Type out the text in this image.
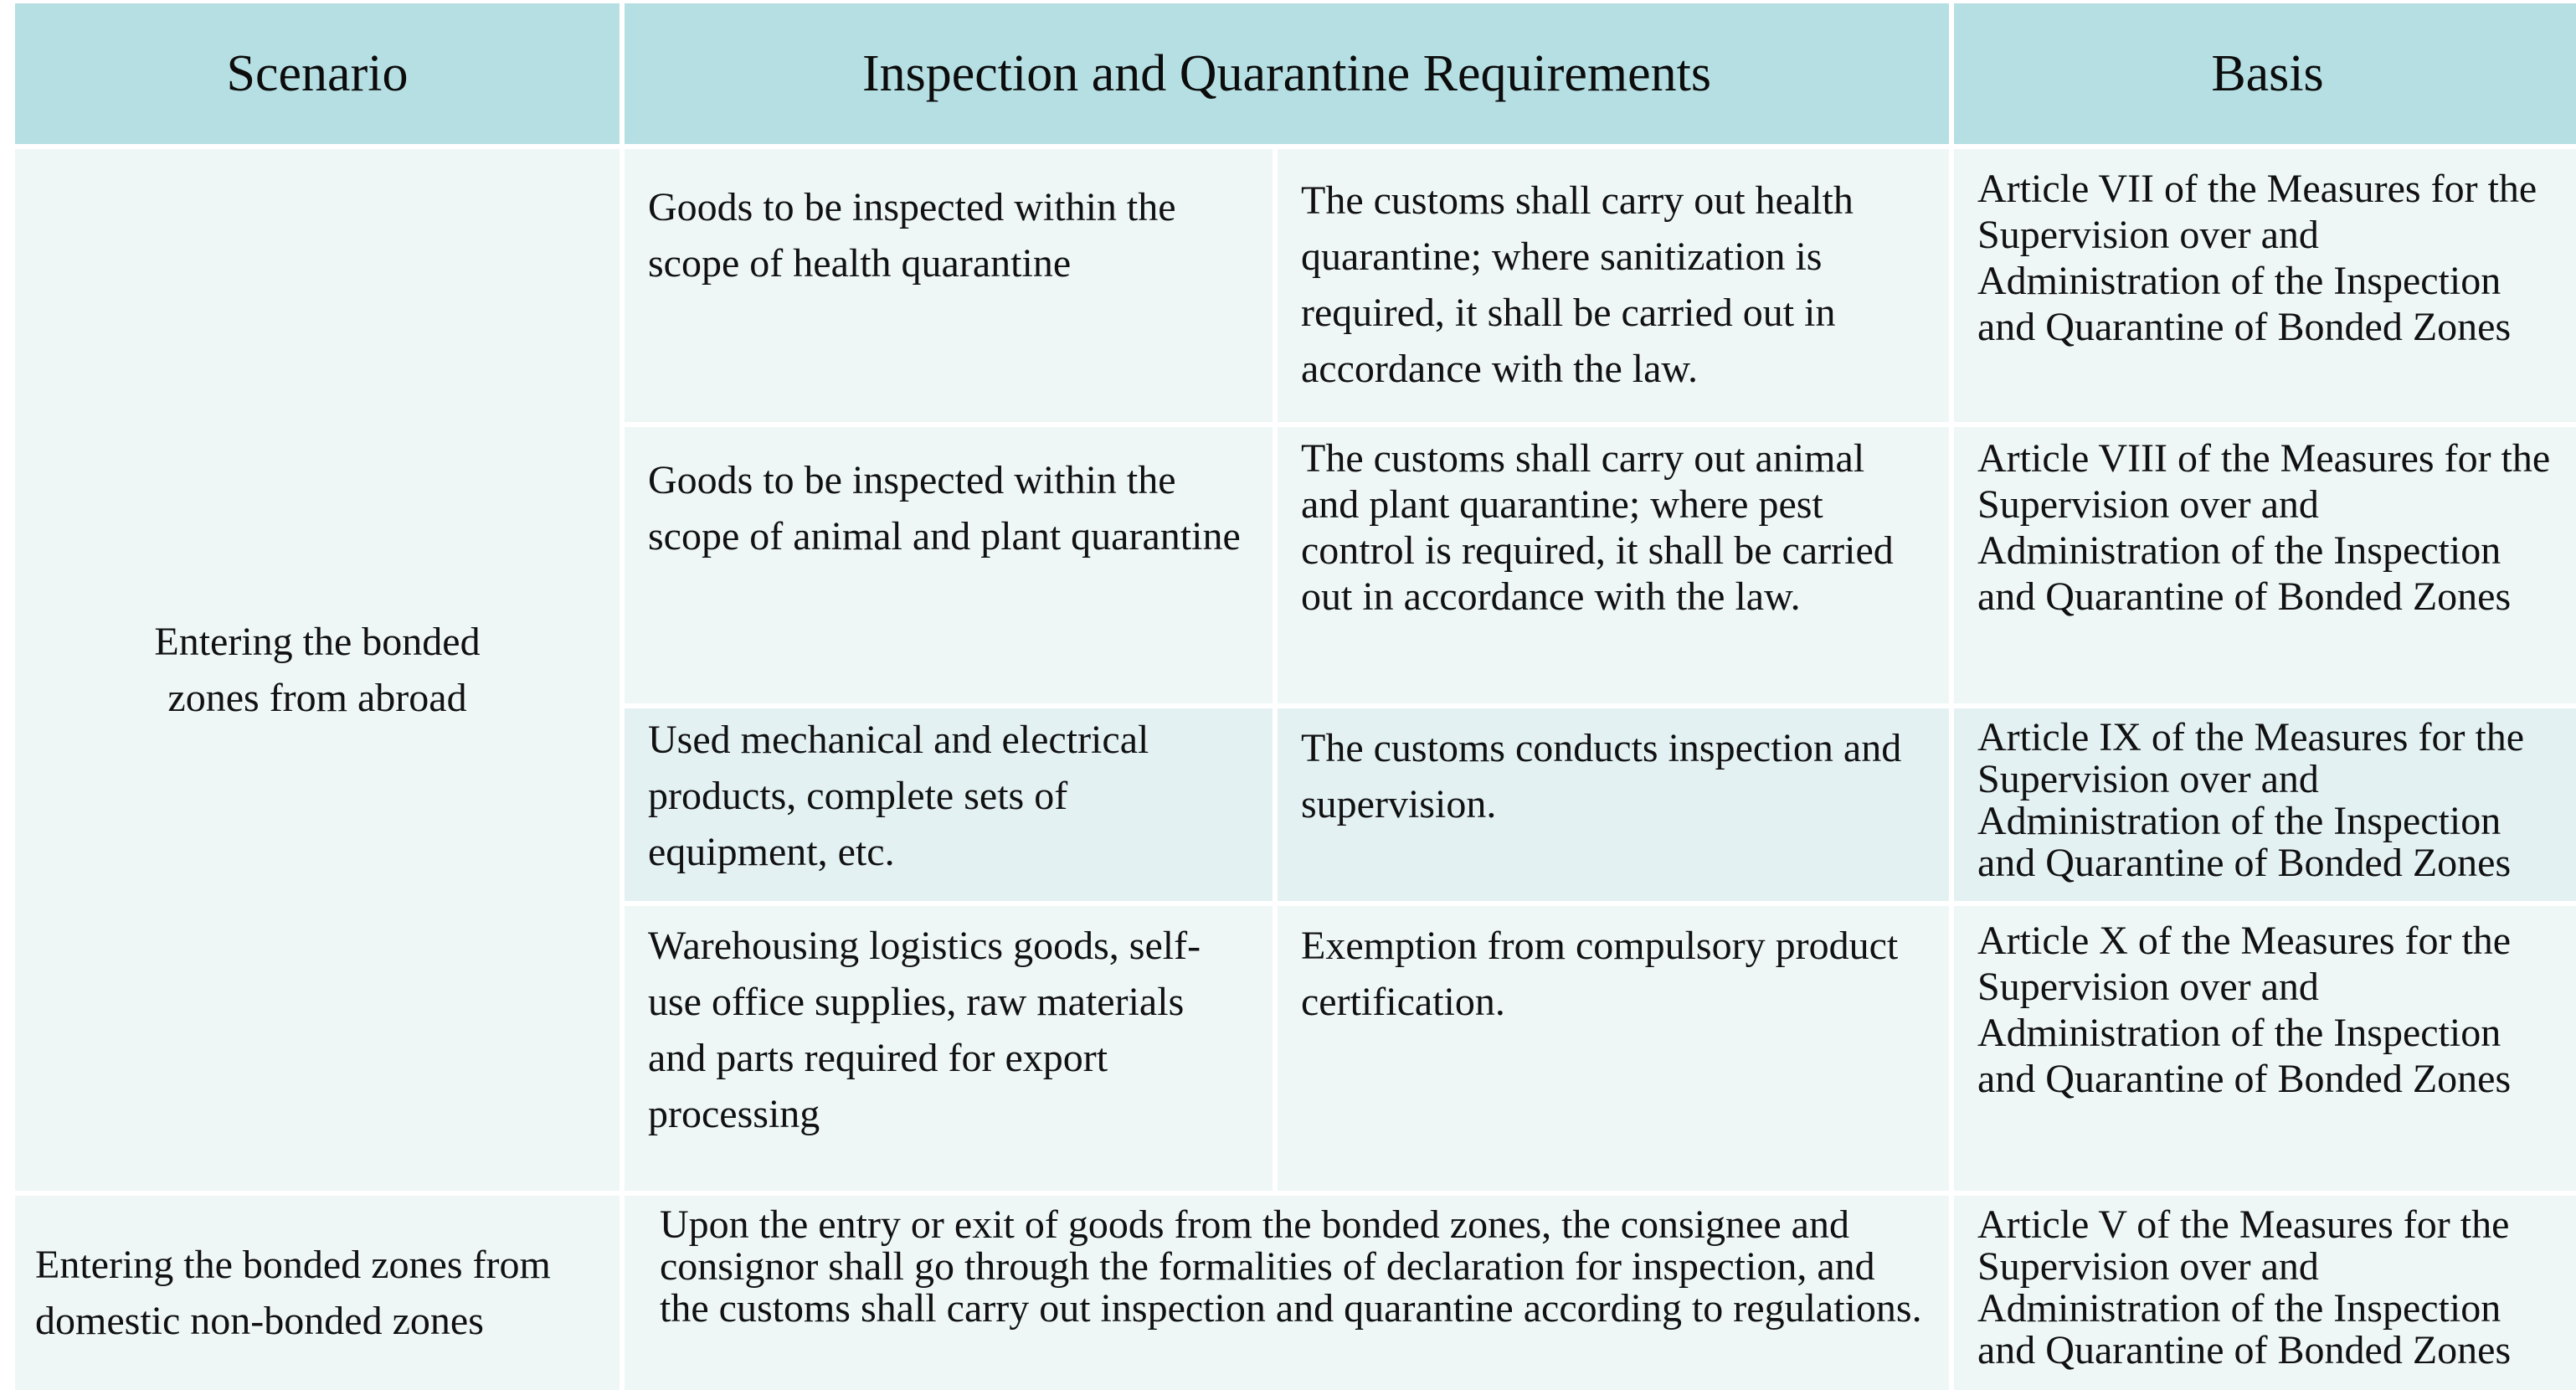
Scenario	Inspection and Quarantine Requirements	Basis
Entering the bonded zones from abroad
Goods to be inspected within the scope of health quarantine
The customs shall carry out health quarantine; where sanitization is required, it shall be carried out in accordance with the law.
Article VII of the Measures for the Supervision over and Administration of the Inspection and Quarantine of Bonded Zones
Goods to be inspected within the scope of animal and plant quarantine
The customs shall carry out animal and plant quarantine; where pest control is required, it shall be carried out in accordance with the law.
Article VIII of the Measures for the Supervision over and Administration of the Inspection and Quarantine of Bonded Zones
Used mechanical and electrical products, complete sets of equipment, etc.
The customs conducts inspection and supervision.
Article IX of the Measures for the Supervision over and Administration of the Inspection and Quarantine of Bonded Zones
Warehousing logistics goods, self-use office supplies, raw materials and parts required for export processing
Exemption from compulsory product certification.
Article X of the Measures for the Supervision over and Administration of the Inspection and Quarantine of Bonded Zones
Entering the bonded zones from domestic non-bonded zones
Upon the entry or exit of goods from the bonded zones, the consignee and consignor shall go through the formalities of declaration for inspection, and the customs shall carry out inspection and quarantine according to regulations.
Article V of the Measures for the Supervision over and Administration of the Inspection and Quarantine of Bonded Zones
